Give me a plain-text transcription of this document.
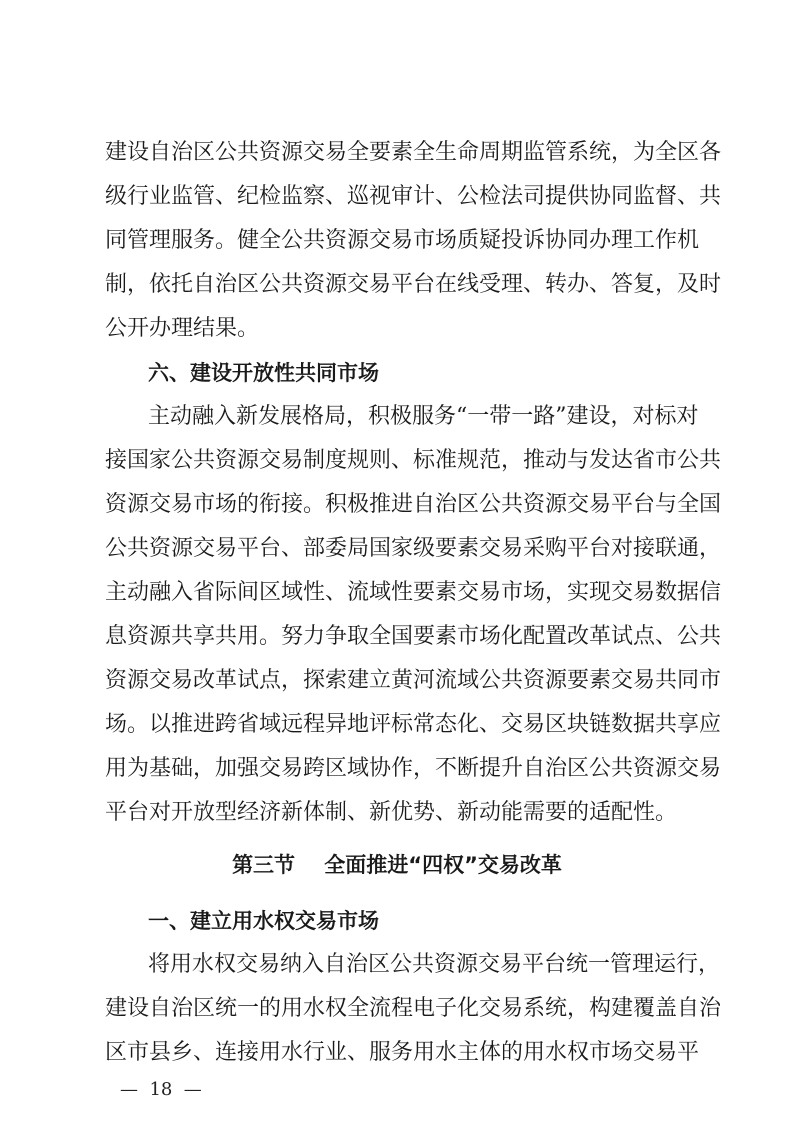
建设自治区公共资源交易全要素全生命周期监管系统，为全区各
级行业监管、纪检监察、巡视审计、公检法司提供协同监督、共
同管理服务。健全公共资源交易市场质疑投诉协同办理工作机
制，依托自治区公共资源交易平台在线受理、转办、答复，及时
公开办理结果。
六、建设开放性共同市场
主动融入新发展格局，积极服务“一带一路”建设，对标对
接国家公共资源交易制度规则、标准规范，推动与发达省市公共
资源交易市场的衔接。积极推进自治区公共资源交易平台与全国
公共资源交易平台、部委局国家级要素交易采购平台对接联通，
主动融入省际间区域性、流域性要素交易市场，实现交易数据信
息资源共享共用。努力争取全国要素市场化配置改革试点、公共
资源交易改革试点，探索建立黄河流域公共资源要素交易共同市
场。以推进跨省域远程异地评标常态化、交易区块链数据共享应
用为基础，加强交易跨区域协作，不断提升自治区公共资源交易
平台对开放型经济新体制、新优势、新动能需要的适配性。
第三节    全面推进“四权”交易改革
一、建立用水权交易市场
将用水权交易纳入自治区公共资源交易平台统一管理运行，
建设自治区统一的用水权全流程电子化交易系统，构建覆盖自治
区市县乡、连接用水行业、服务用水主体的用水权市场交易平
—  18  —
